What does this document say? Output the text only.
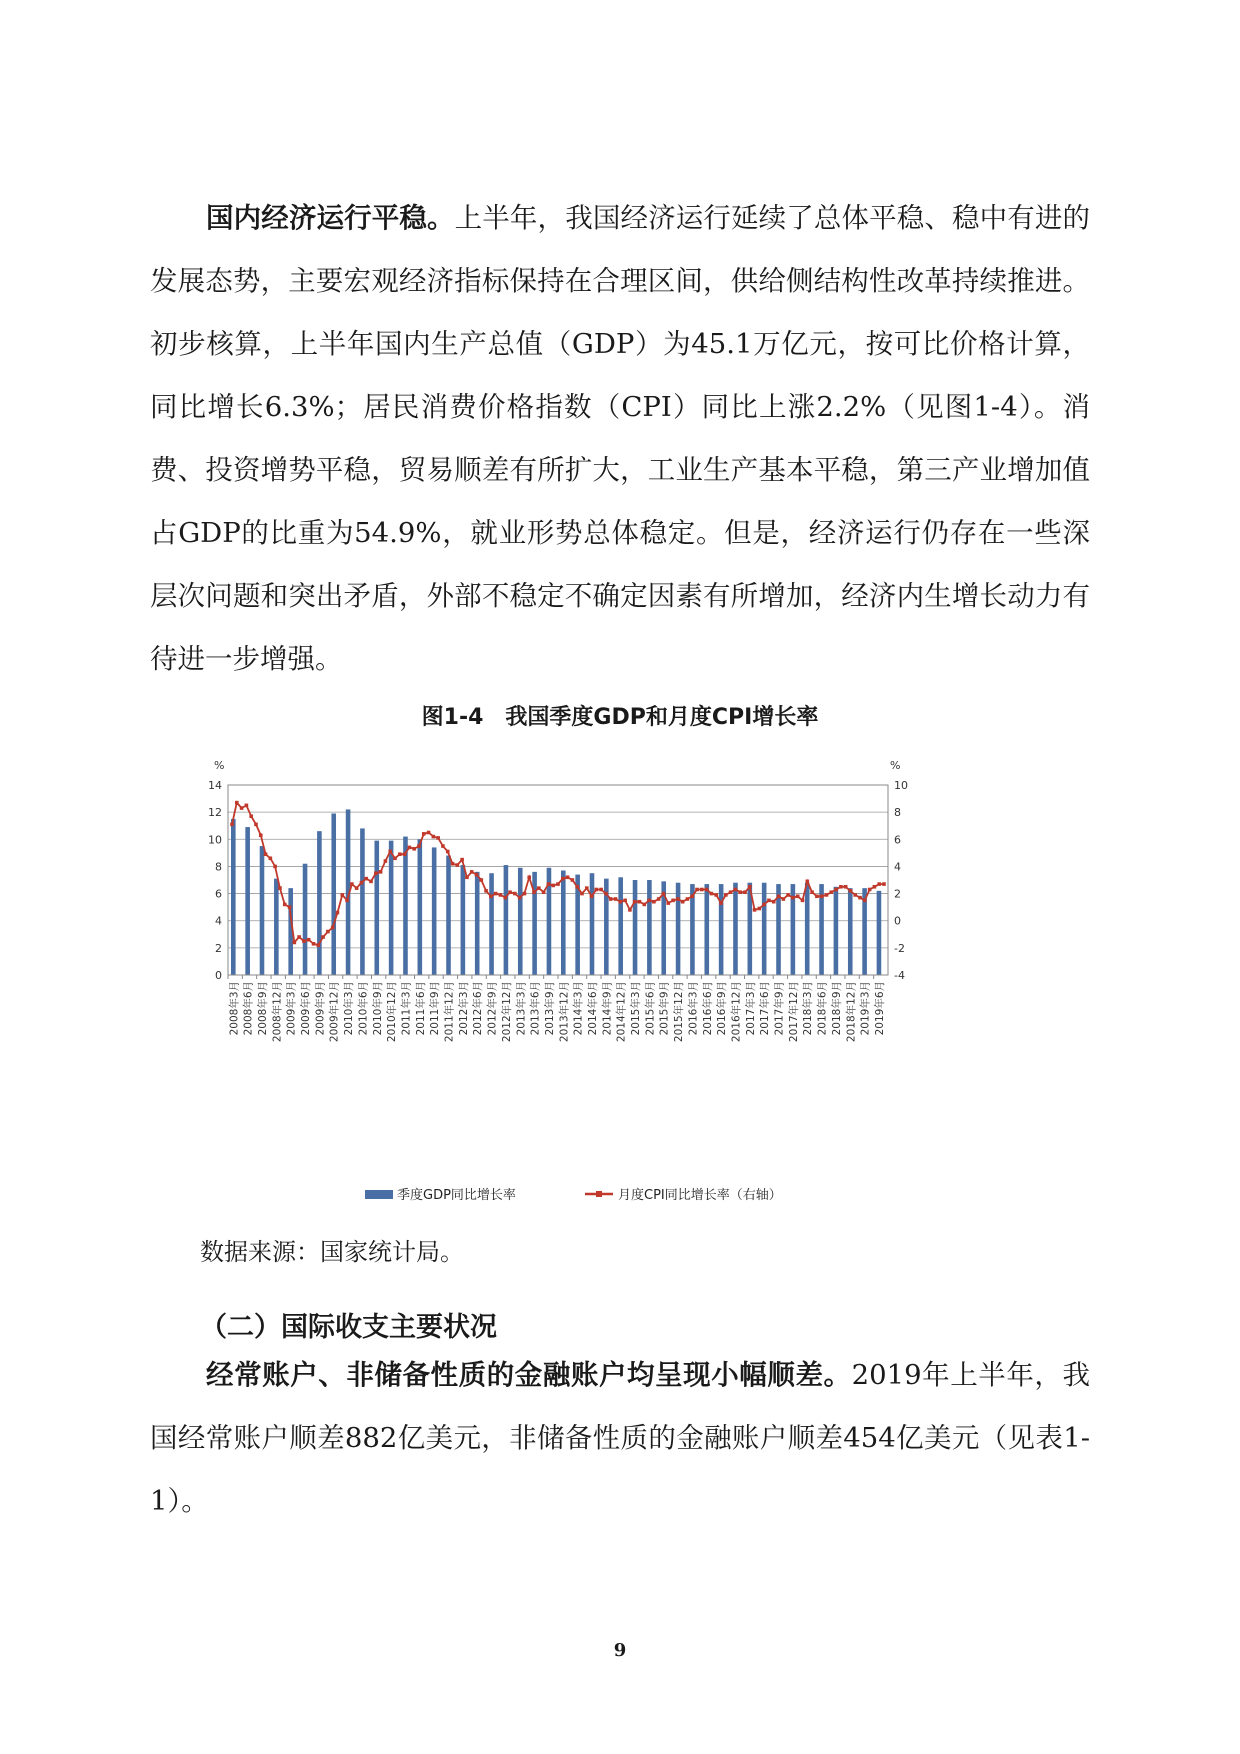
国内经济运行平稳。上半年，我国经济运行延续了总体平稳、稳中有进的发展态势，主要宏观经济指标保持在合理区间，供给侧结构性改革持续推进。初步核算，上半年国内生产总值（GDP）为45.1万亿元，按可比价格计算，同比增长6.3%；居民消费价格指数（CPI）同比上涨2.2%（见图1-4）。消费、投资增势平稳，贸易顺差有所扩大，工业生产基本平稳，第三产业增加值占GDP的比重为54.9%，就业形势总体稳定。但是，经济运行仍存在一些深层次问题和突出矛盾，外部不稳定不确定因素有所增加，经济内生增长动力有待进一步增强。

图1-4　我国季度GDP和月度CPI增长率
0
2
4
6
8
10
12
14
-4
-2
0
2
4
6
8
10
%	%
2008年3月 2008年6月 2008年9月 2008年12月 2009年3月 2009年6月 2009年9月 2009年12月 2010年3月 2010年6月 2010年9月 2010年12月 2011年3月 2011年6月 2011年9月 2011年12月 2012年3月 2012年6月 2012年9月 2012年12月 2013年3月 2013年6月 2013年9月 2013年12月 2014年3月 2014年6月 2014年9月 2014年12月 2015年3月 2015年6月 2015年9月 2015年12月 2016年3月 2016年6月 2016年9月 2016年12月 2017年3月 2017年6月 2017年9月 2017年12月 2018年3月 2018年6月 2018年9月 2018年12月 2019年3月 2019年6月
季度GDP同比增长率	月度CPI同比增长率（右轴）
数据来源：国家统计局。
（二）国际收支主要状况

经常账户、非储备性质的金融账户均呈现小幅顺差。2019年上半年，我国经常账户顺差882亿美元，非储备性质的金融账户顺差454亿美元（见表1-1）。

9
